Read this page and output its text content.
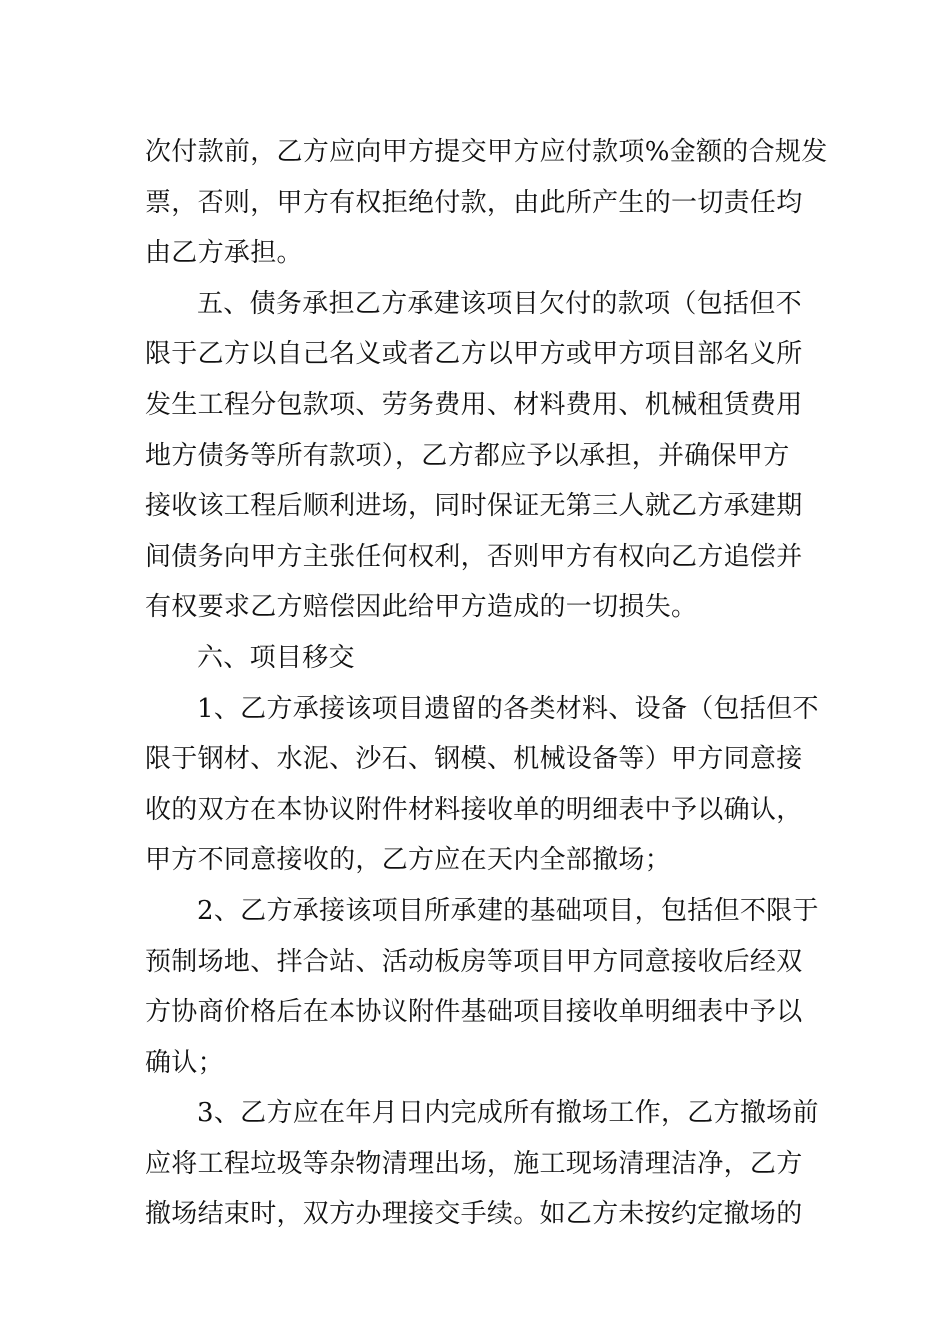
次付款前，乙方应向甲方提交甲方应付款项%金额的合规发
票，否则，甲方有权拒绝付款，由此所产生的一切责任均
由乙方承担。
五、债务承担乙方承建该项目欠付的款项（包括但不
限于乙方以自己名义或者乙方以甲方或甲方项目部名义所
发生工程分包款项、劳务费用、材料费用、机械租赁费用
地方债务等所有款项），乙方都应予以承担，并确保甲方
接收该工程后顺利进场，同时保证无第三人就乙方承建期
间债务向甲方主张任何权利，否则甲方有权向乙方追偿并
有权要求乙方赔偿因此给甲方造成的一切损失。
六、项目移交
1、乙方承接该项目遗留的各类材料、设备（包括但不
限于钢材、水泥、沙石、钢模、机械设备等）甲方同意接
收的双方在本协议附件材料接收单的明细表中予以确认，
甲方不同意接收的，乙方应在天内全部撤场；
2、乙方承接该项目所承建的基础项目，包括但不限于
预制场地、拌合站、活动板房等项目甲方同意接收后经双
方协商价格后在本协议附件基础项目接收单明细表中予以
确认；
3、乙方应在年月日内完成所有撤场工作，乙方撤场前
应将工程垃圾等杂物清理出场，施工现场清理洁净，乙方
撤场结束时，双方办理接交手续。如乙方未按约定撤场的
